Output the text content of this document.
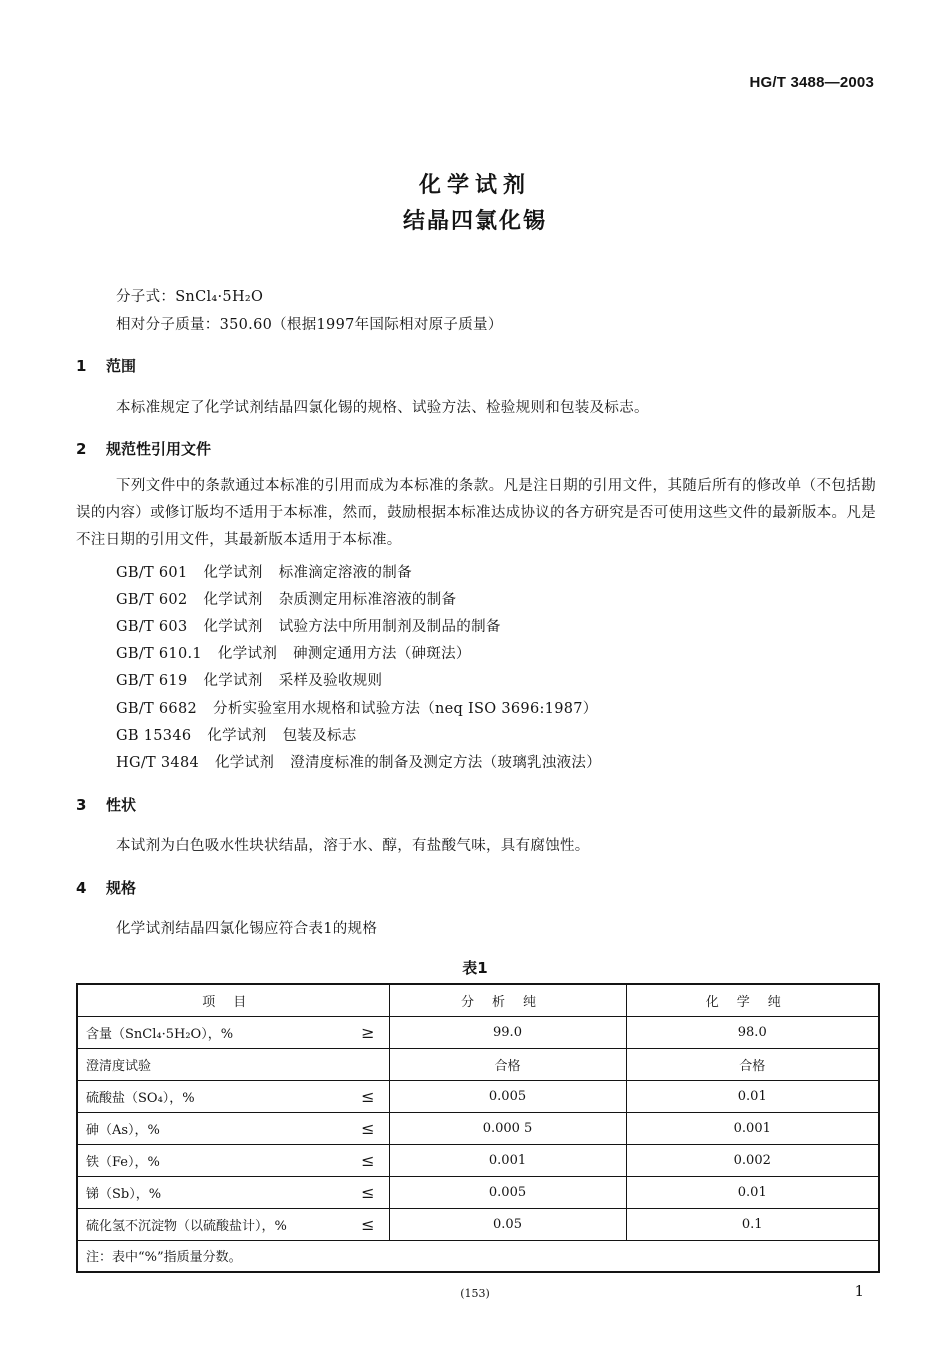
HG/T 3488—2003
化学试剂
结晶四氯化锡
分子式：SnCl₄·5H₂O
相对分子质量：350.60（根据1997年国际相对原子质量）
1 范围
本标准规定了化学试剂结晶四氯化锡的规格、试验方法、检验规则和包装及标志。
2 规范性引用文件
下列文件中的条款通过本标准的引用而成为本标准的条款。凡是注日期的引用文件，其随后所有的修改单（不包括勘误的内容）或修订版均不适用于本标准，然而，鼓励根据本标准达成协议的各方研究是否可使用这些文件的最新版本。凡是不注日期的引用文件，其最新版本适用于本标准。
GB/T 601 化学试剂 标准滴定溶液的制备
GB/T 602 化学试剂 杂质测定用标准溶液的制备
GB/T 603 化学试剂 试验方法中所用制剂及制品的制备
GB/T 610.1 化学试剂 砷测定通用方法（砷斑法）
GB/T 619 化学试剂 采样及验收规则
GB/T 6682 分析实验室用水规格和试验方法（neq ISO 3696:1987）
GB 15346 化学试剂 包装及标志
HG/T 3484 化学试剂 澄清度标准的制备及测定方法（玻璃乳浊液法）
3 性状
本试剂为白色吸水性块状结晶，溶于水、醇，有盐酸气味，具有腐蚀性。
4 规格
化学试剂结晶四氯化锡应符合表1的规格
表1
项目	分析纯	化学纯
含量（SnCl₄·5H₂O），% ≥	99.0	98.0
澄清度试验	合格	合格
硫酸盐（SO₄），% ≤	0.005	0.01
砷（As），% ≤	0.000 5	0.001
铁（Fe），% ≤	0.001	0.002
锑（Sb），% ≤	0.005	0.01
硫化氢不沉淀物（以硫酸盐计），% ≤	0.05	0.1
注：表中“%”指质量分数。		
(153)	1
